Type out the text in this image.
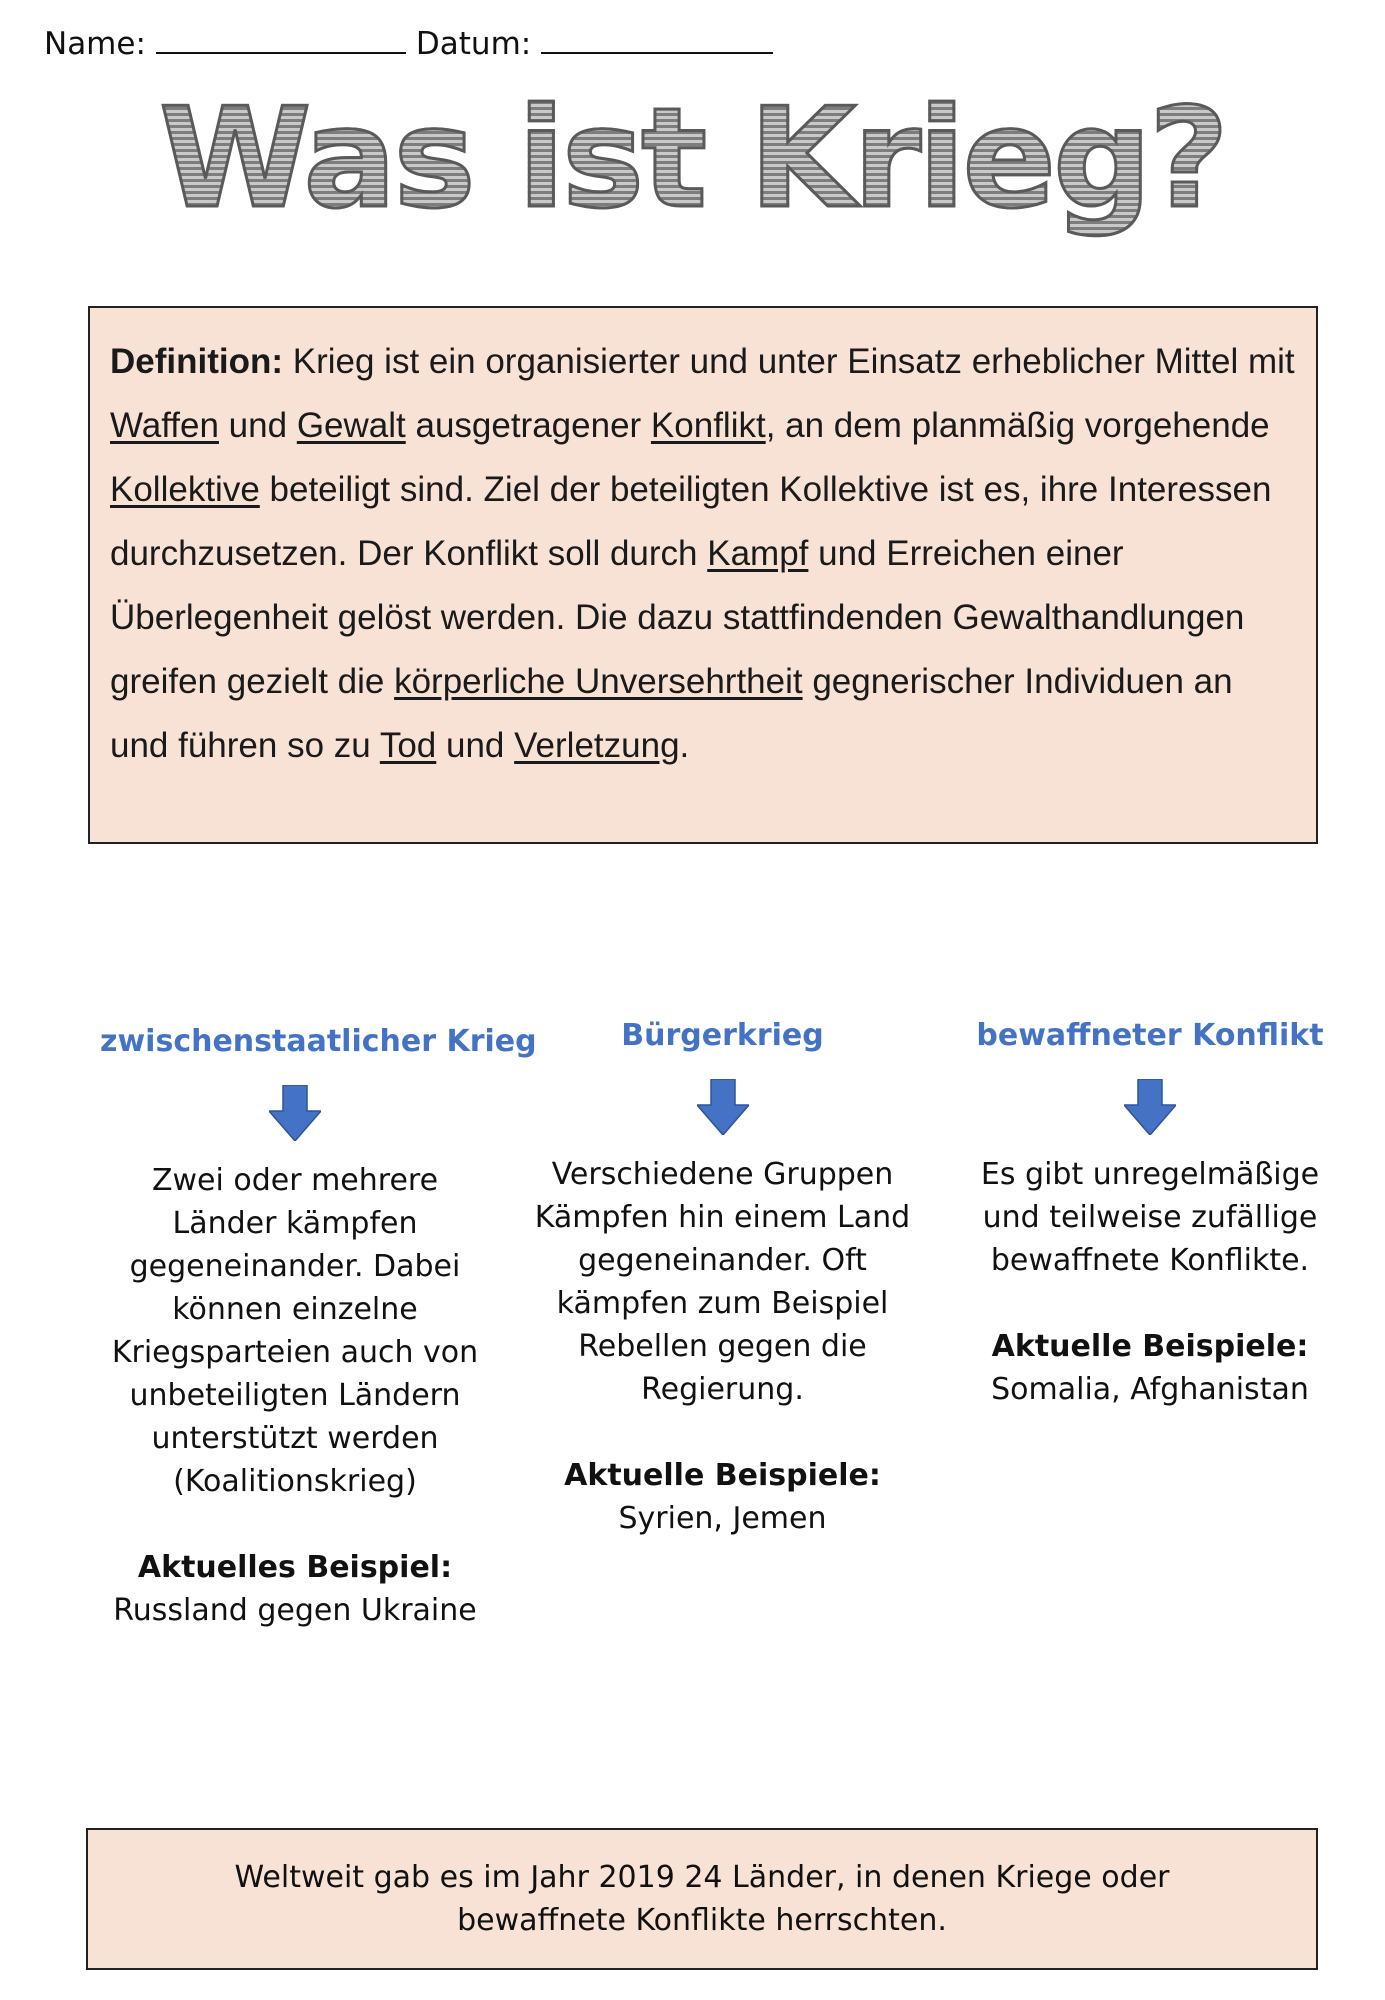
Name:	Datum:
Was ist Krieg?
Definition: Krieg ist ein organisierter und unter Einsatz erheblicher Mittel mit Waffen und Gewalt ausgetragener Konflikt, an dem planmäßig vorgehende Kollektive beteiligt sind. Ziel der beteiligten Kollektive ist es, ihre Interessen durchzusetzen. Der Konflikt soll durch Kampf und Erreichen einer Überlegenheit gelöst werden. Die dazu stattfindenden Gewalthandlungen greifen gezielt die körperliche Unversehrtheit gegnerischer Individuen an und führen so zu Tod und Verletzung.
zwischenstaatlicher Krieg
Zwei oder mehrere Länder kämpfen gegeneinander. Dabei können einzelne Kriegsparteien auch von unbeteiligten Ländern unterstützt werden (Koalitionskrieg)
Aktuelles Beispiel:
Russland gegen Ukraine
Bürgerkrieg
Verschiedene Gruppen Kämpfen hin einem Land gegeneinander. Oft kämpfen zum Beispiel Rebellen gegen die Regierung.
Aktuelle Beispiele:
Syrien, Jemen
bewaffneter Konflikt
Es gibt unregelmäßige und teilweise zufällige bewaffnete Konflikte.
Aktuelle Beispiele:
Somalia, Afghanistan
Weltweit gab es im Jahr 2019 24 Länder, in denen Kriege oder bewaffnete Konflikte herrschten.
